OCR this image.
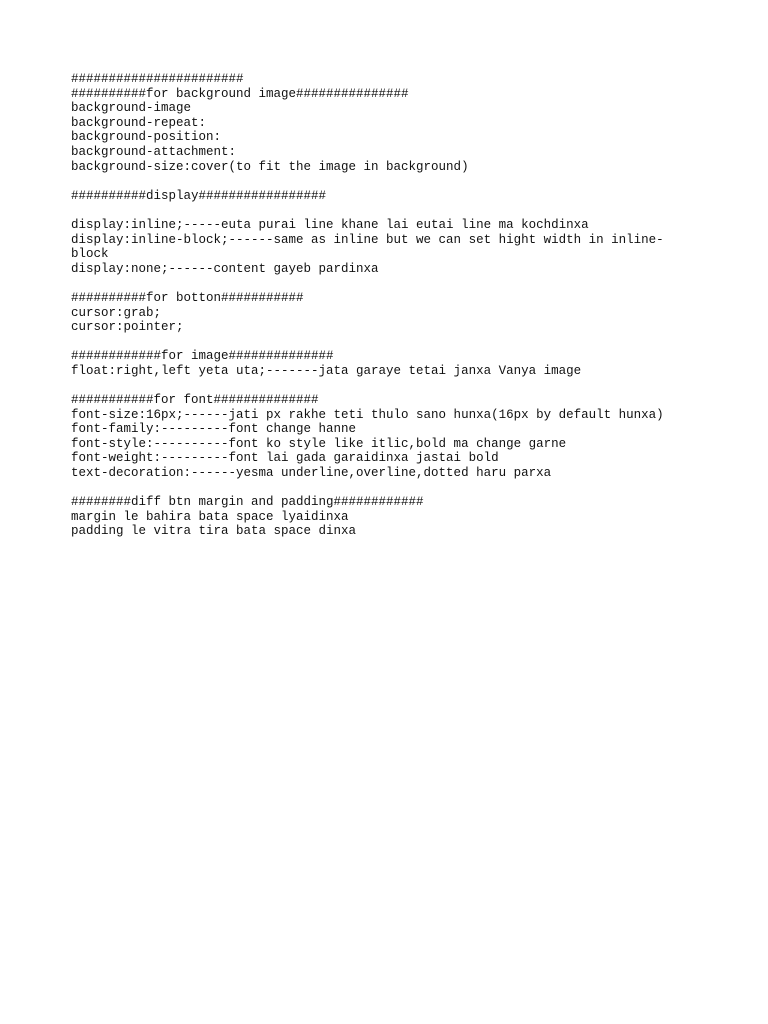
#######################
##########for background image###############
background-image
background-repeat:
background-position:
background-attachment:
background-size:cover(to fit the image in background)
##########display#################
display:inline;-----euta purai line khane lai eutai line ma kochdinxa
display:inline-block;------same as inline but we can set hight width in inline-
block
display:none;------content gayeb pardinxa
##########for botton###########
cursor:grab;
cursor:pointer;
############for image##############
float:right,left yeta uta;-------jata garaye tetai janxa Vanya image
###########for font##############
font-size:16px;------jati px rakhe teti thulo sano hunxa(16px by default hunxa)
font-family:---------font change hanne
font-style:----------font ko style like itlic,bold ma change garne
font-weight:---------font lai gada garaidinxa jastai bold
text-decoration:------yesma underline,overline,dotted haru parxa
########diff btn margin and padding############
margin le bahira bata space lyaidinxa
padding le vitra tira bata space dinxa
